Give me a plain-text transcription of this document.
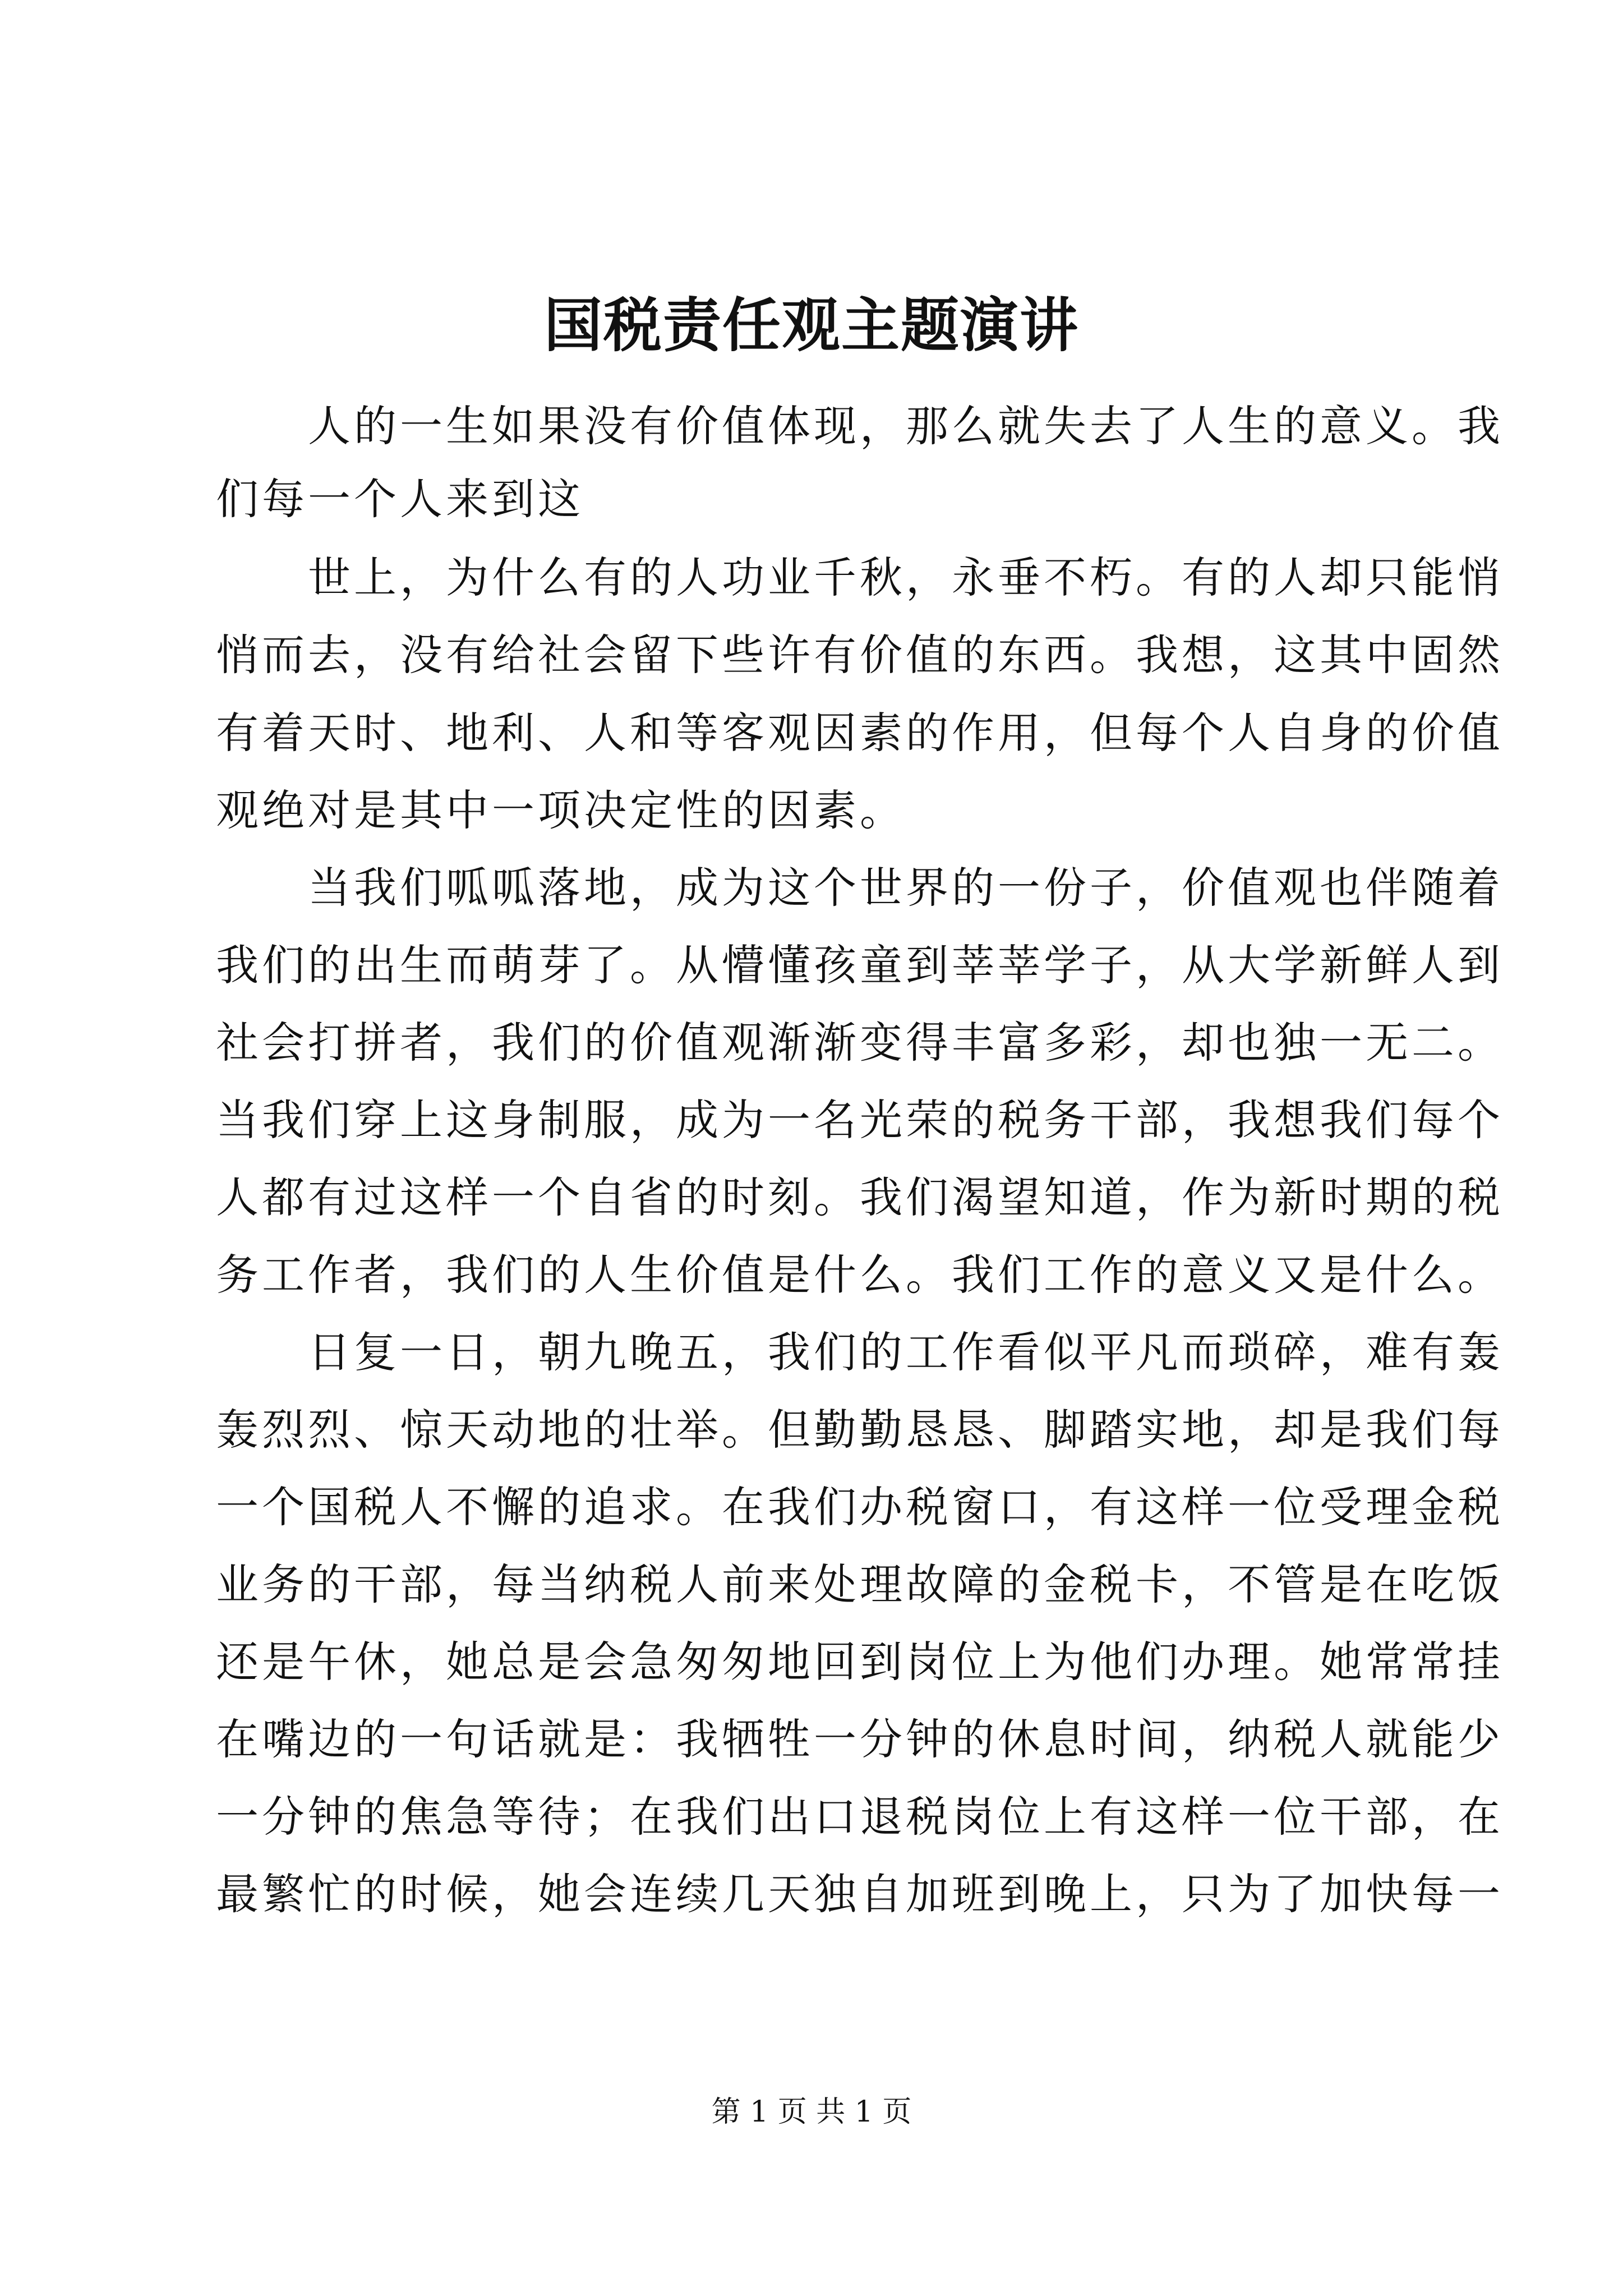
国税责任观主题演讲
　　人的一生如果没有价值体现，那么就失去了人生的意义。我
们每一个人来到这
　　世上，为什么有的人功业千秋，永垂不朽。有的人却只能悄
悄而去，没有给社会留下些许有价值的东西。我想，这其中固然
有着天时、地利、人和等客观因素的作用，但每个人自身的价值
观绝对是其中一项决定性的因素。
　　当我们呱呱落地，成为这个世界的一份子，价值观也伴随着
我们的出生而萌芽了。从懵懂孩童到莘莘学子，从大学新鲜人到
社会打拼者，我们的价值观渐渐变得丰富多彩，却也独一无二。
当我们穿上这身制服，成为一名光荣的税务干部，我想我们每个
人都有过这样一个自省的时刻。我们渴望知道，作为新时期的税
务工作者，我们的人生价值是什么。我们工作的意义又是什么。
　　日复一日，朝九晚五，我们的工作看似平凡而琐碎，难有轰
轰烈烈、惊天动地的壮举。但勤勤恳恳、脚踏实地，却是我们每
一个国税人不懈的追求。在我们办税窗口，有这样一位受理金税
业务的干部，每当纳税人前来处理故障的金税卡，不管是在吃饭
还是午休，她总是会急匆匆地回到岗位上为他们办理。她常常挂
在嘴边的一句话就是：我牺牲一分钟的休息时间，纳税人就能少
一分钟的焦急等待；在我们出口退税岗位上有这样一位干部，在
最繁忙的时候，她会连续几天独自加班到晚上，只为了加快每一
第 1 页 共 1 页
